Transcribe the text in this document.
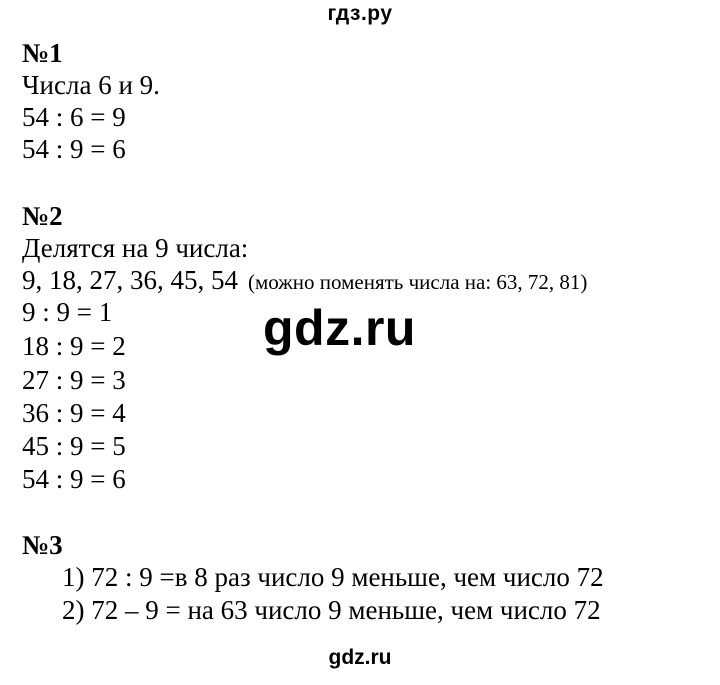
гдз.ру
№1
Числа 6 и 9.
54 : 6 = 9
54 : 9 = 6
№2
Делятся на 9 числа:
9, 18, 27, 36, 45, 54 (можно поменять числа на: 63, 72, 81)
9 : 9 = 1
18 : 9 = 2
27 : 9 = 3
36 : 9 = 4
45 : 9 = 5
54 : 9 = 6
№3
1) 72 : 9 =в 8 раз число 9 меньше, чем число 72
2) 72 – 9 = на 63 число 9 меньше, чем число 72
gdz.ru
gdz.ru
